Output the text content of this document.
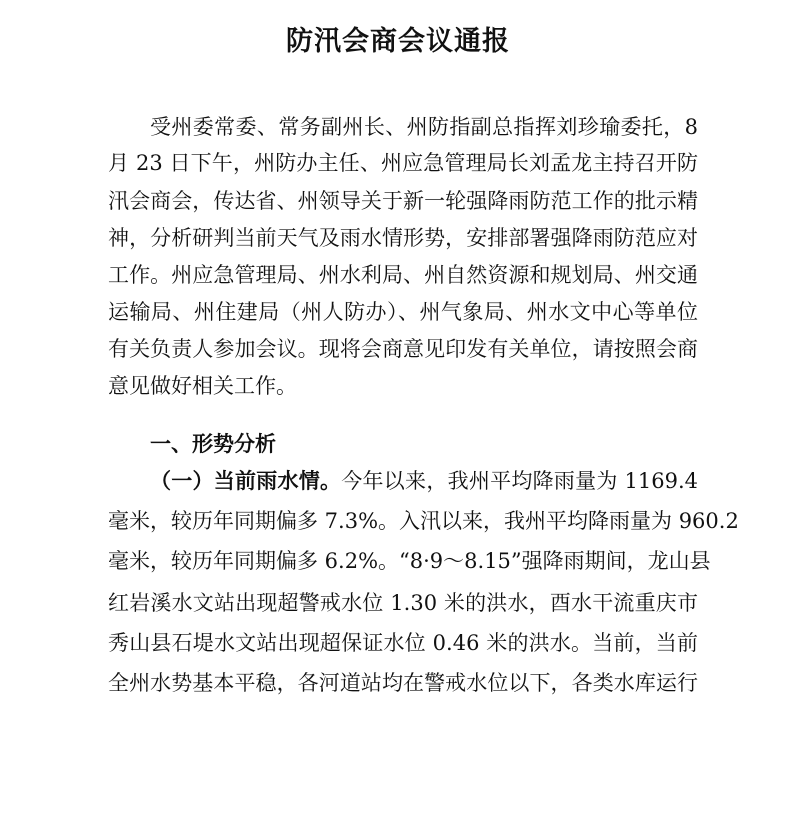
防汛会商会议通报
受州委常委、常务副州长、州防指副总指挥刘珍瑜委托，8
月 23 日下午，州防办主任、州应急管理局长刘孟龙主持召开防
汛会商会，传达省、州领导关于新一轮强降雨防范工作的批示精
神，分析研判当前天气及雨水情形势，安排部署强降雨防范应对
工作。州应急管理局、州水利局、州自然资源和规划局、州交通
运输局、州住建局（州人防办）、州气象局、州水文中心等单位
有关负责人参加会议。现将会商意见印发有关单位，请按照会商
意见做好相关工作。
一、形势分析
（一）当前雨水情。今年以来，我州平均降雨量为 1169.4
毫米，较历年同期偏多 7.3%。入汛以来，我州平均降雨量为 960.2
毫米，较历年同期偏多 6.2%。“8·9～8.15”强降雨期间，龙山县
红岩溪水文站出现超警戒水位 1.30 米的洪水，酉水干流重庆市
秀山县石堤水文站出现超保证水位 0.46 米的洪水。当前，当前
全州水势基本平稳，各河道站均在警戒水位以下，各类水库运行
